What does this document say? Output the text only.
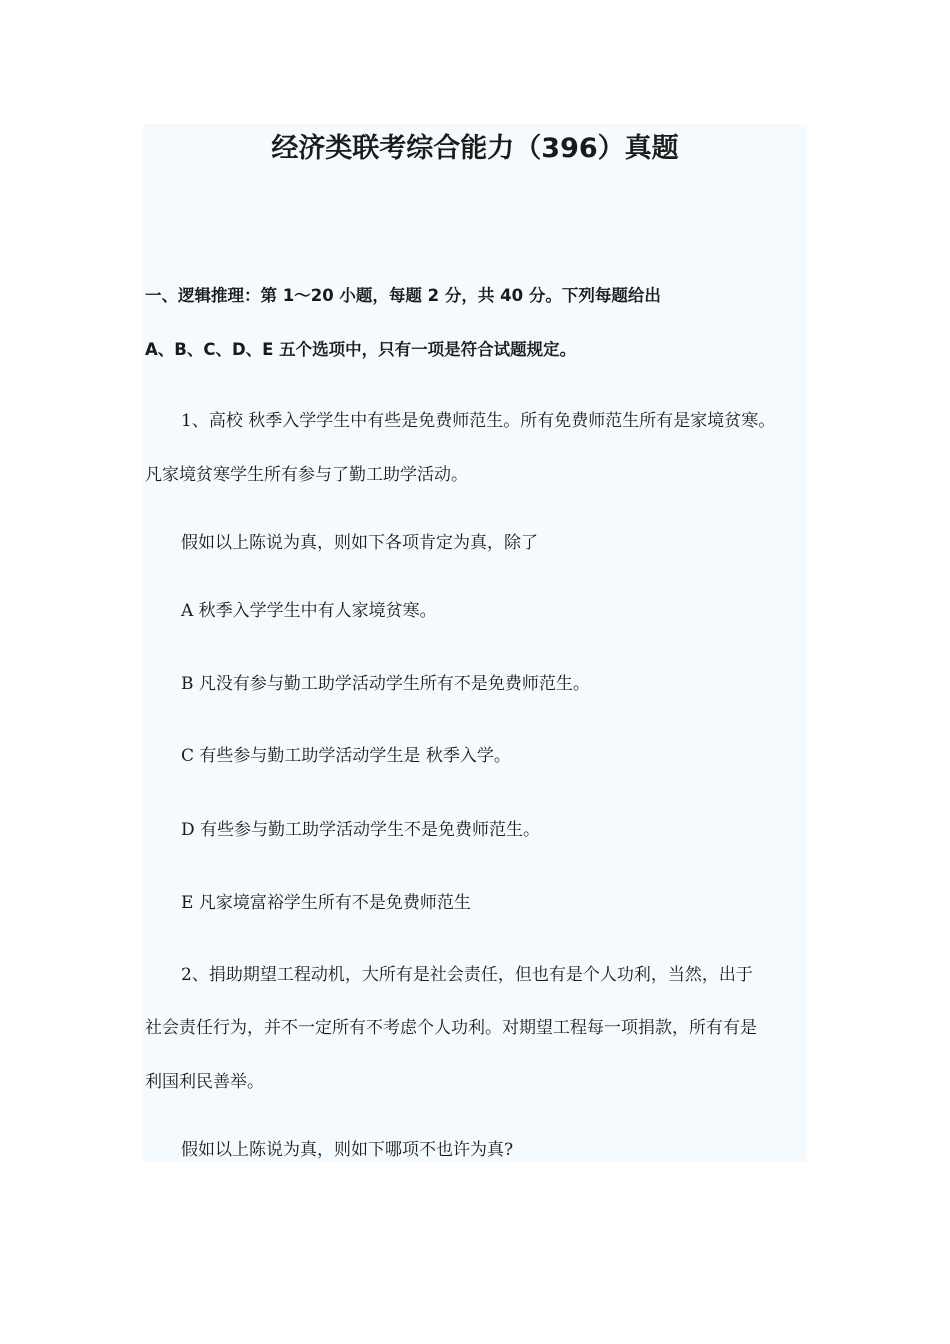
经济类联考综合能力（396）真题
一、逻辑推理：第 1～20 小题，每题 2 分，共 40 分。下列每题给出
A、B、C、D、E 五个选项中，只有一项是符合试题规定。
1、高校 秋季入学学生中有些是免费师范生。所有免费师范生所有是家境贫寒。
凡家境贫寒学生所有参与了勤工助学活动。
假如以上陈说为真，则如下各项肯定为真，除了
A 秋季入学学生中有人家境贫寒。
B 凡没有参与勤工助学活动学生所有不是免费师范生。
C 有些参与勤工助学活动学生是 秋季入学。
D 有些参与勤工助学活动学生不是免费师范生。
E 凡家境富裕学生所有不是免费师范生
2、捐助期望工程动机，大所有是社会责任，但也有是个人功利，当然，出于
社会责任行为，并不一定所有不考虑个人功利。对期望工程每一项捐款，所有有是
利国利民善举。
假如以上陈说为真，则如下哪项不也许为真?
